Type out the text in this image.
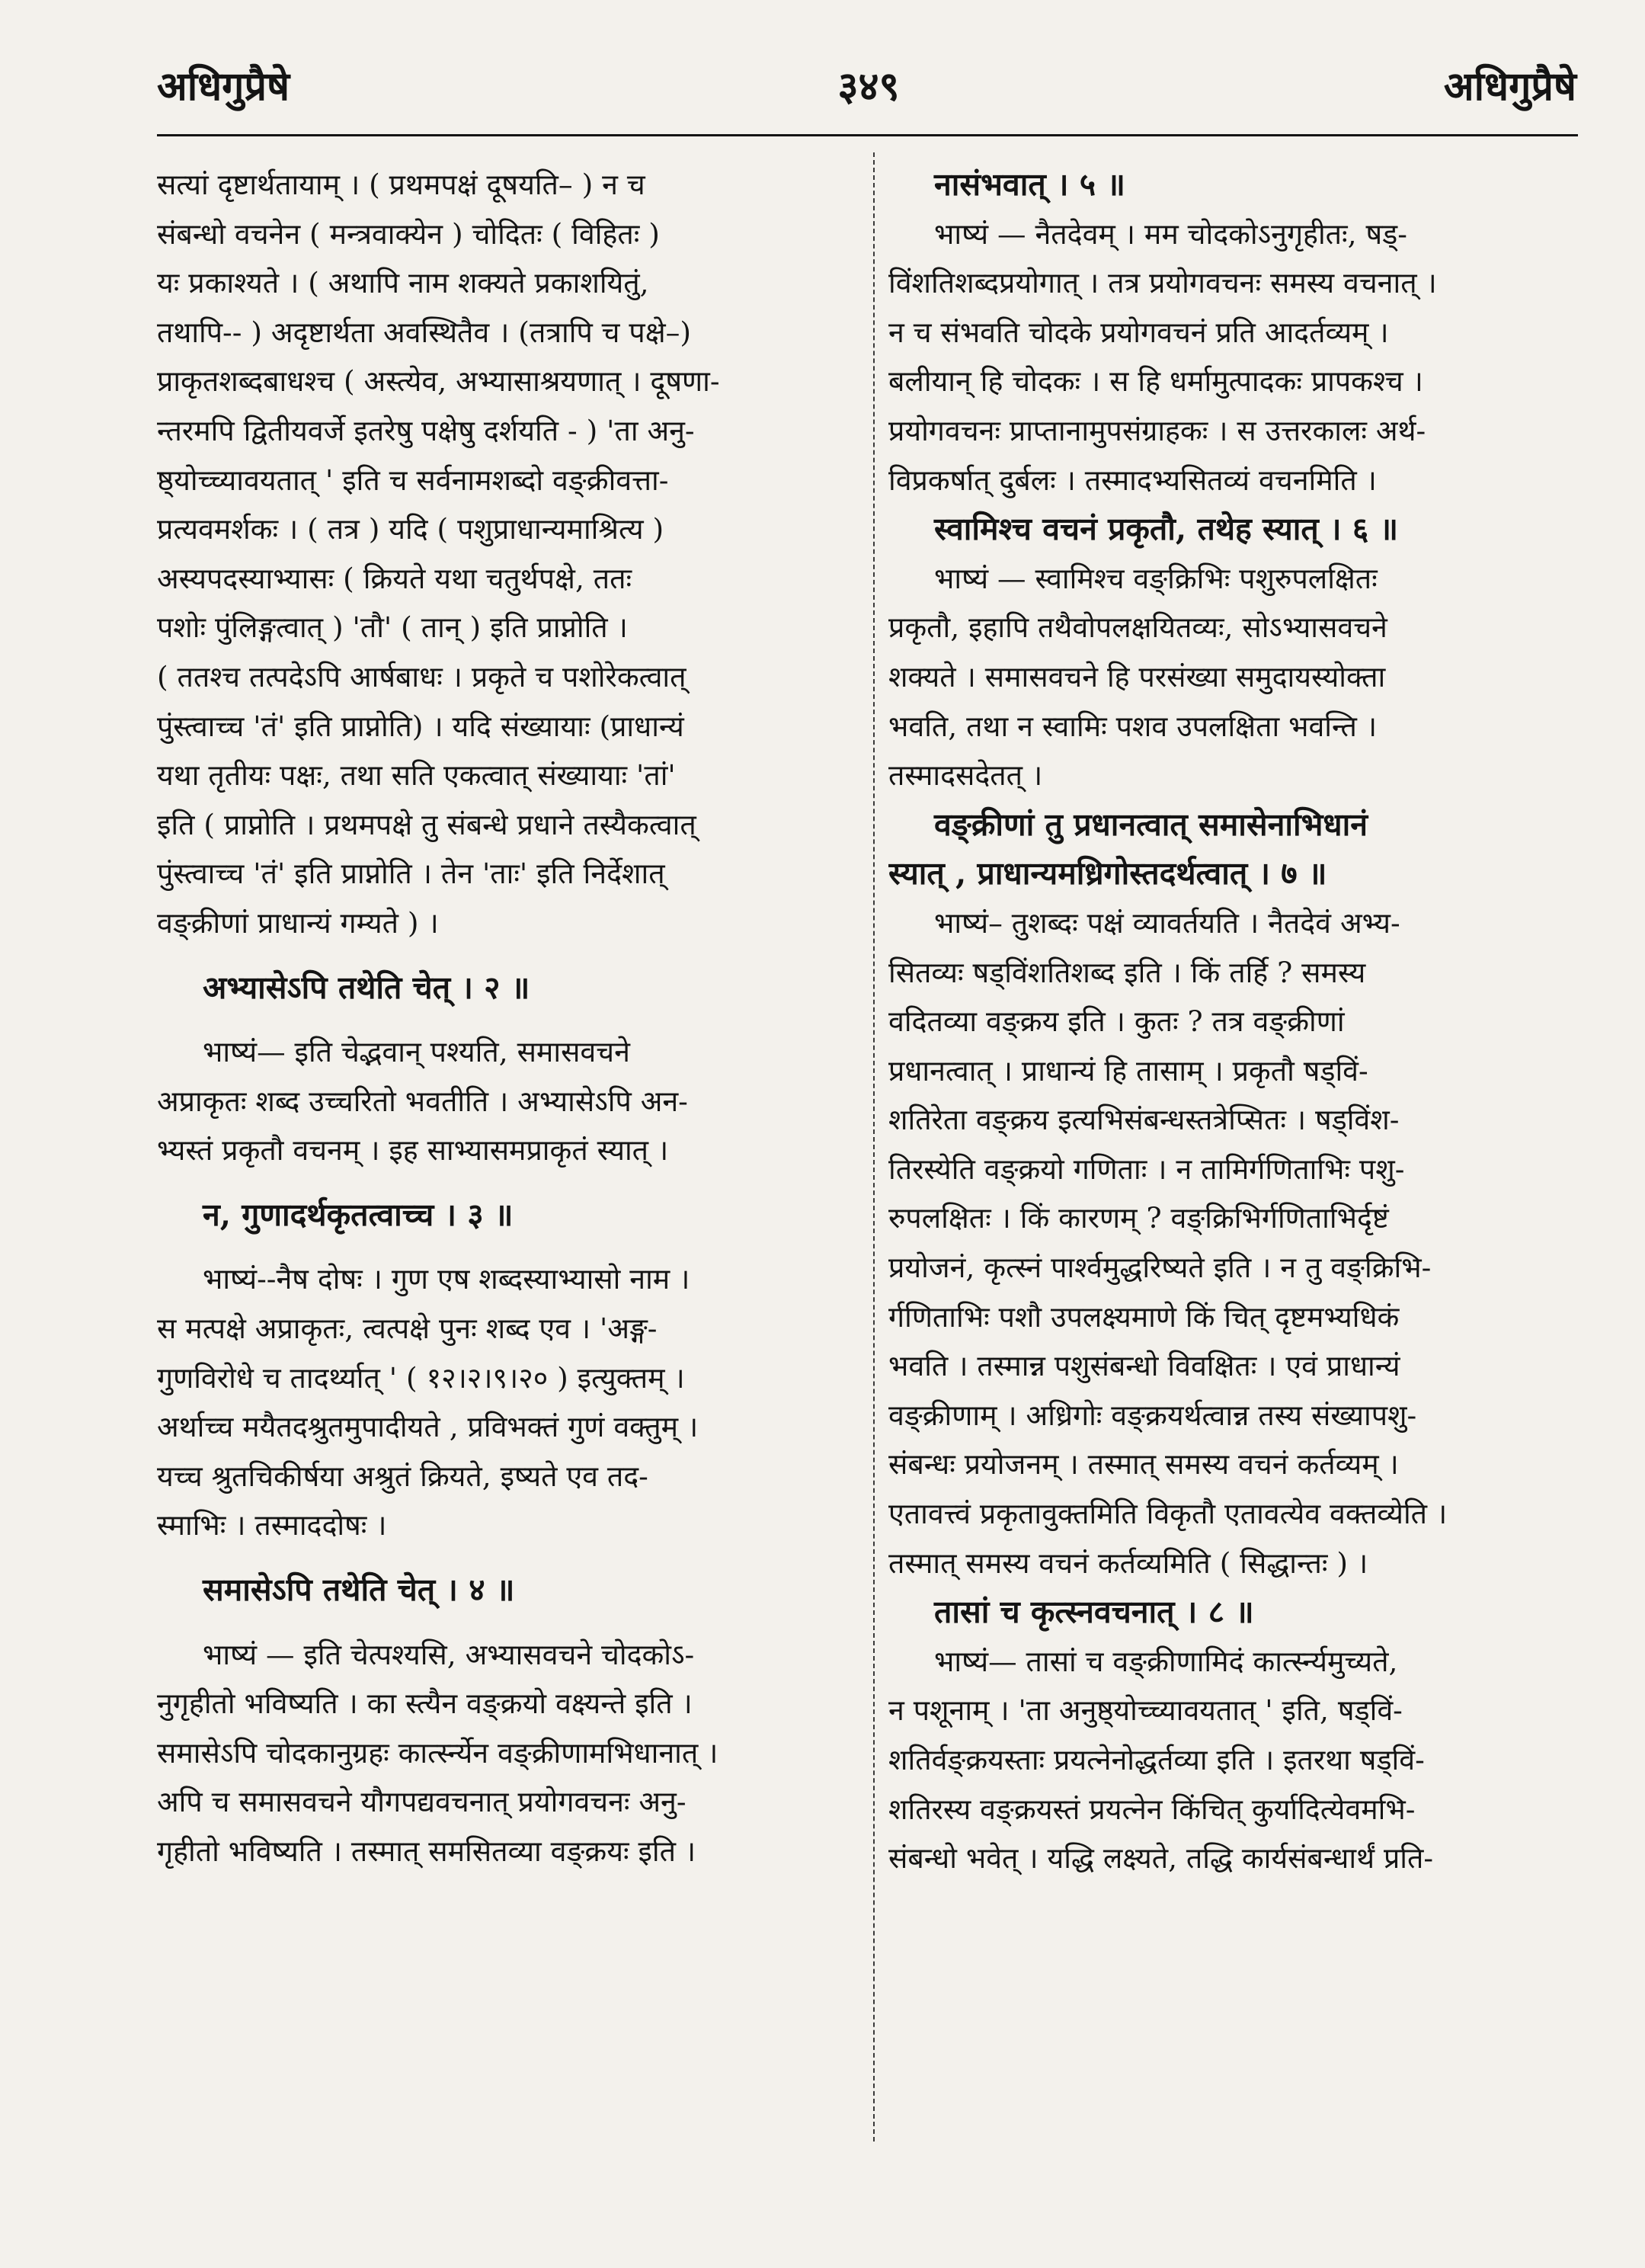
अधिगुप्रैषे	३४९	अधिगुप्रैषे
सत्यां दृष्टार्थतायाम् । ( प्रथमपक्षं दूषयति– ) न च
संबन्धो वचनेन ( मन्त्रवाक्येन ) चोदितः ( विहितः )
यः प्रकाश्यते । ( अथापि नाम शक्यते प्रकाशयितुं,
तथापि-- ) अदृष्टार्थता अवस्थितैव । (तत्रापि च पक्षे–)
प्राकृतशब्दबाधश्च ( अस्त्येव, अभ्यासाश्रयणात् । दूषणा-
न्तरमपि द्वितीयवर्जे इतरेषु पक्षेषु दर्शयति - ) 'ता अनु-
ष्ठ्योच्च्यावयतात् ' इति च सर्वनामशब्दो वङ्क्रीवत्ता-
प्रत्यवमर्शकः । ( तत्र ) यदि ( पशुप्राधान्यमाश्रित्य )
अस्यपदस्याभ्यासः ( क्रियते यथा चतुर्थपक्षे, ततः
पशोः पुंलिङ्गत्वात् ) 'तौ' ( तान् ) इति प्राप्नोति ।
( ततश्च तत्पदेऽपि आर्षबाधः । प्रकृते च पशोरेकत्वात्
पुंस्त्वाच्च 'तं' इति प्राप्नोति) । यदि संख्यायाः (प्राधान्यं
यथा तृतीयः पक्षः, तथा सति एकत्वात् संख्यायाः 'तां'
इति ( प्राप्नोति । प्रथमपक्षे तु संबन्धे प्रधाने तस्यैकत्वात्
पुंस्त्वाच्च 'तं' इति प्राप्नोति । तेन 'ताः' इति निर्देशात्
वङ्क्रीणां प्राधान्यं गम्यते ) ।
अभ्यासेऽपि तथेति चेत् । २ ॥
भाष्यं— इति चेद्भवान् पश्यति, समासवचने
अप्राकृतः शब्द उच्चरितो भवतीति । अभ्यासेऽपि अन-
भ्यस्तं प्रकृतौ वचनम् । इह साभ्यासमप्राकृतं स्यात् ।
न, गुणादर्थकृतत्वाच्च । ३ ॥
भाष्यं--नैष दोषः । गुण एष शब्दस्याभ्यासो नाम ।
स मत्पक्षे अप्राकृतः, त्वत्पक्षे पुनः शब्द एव । 'अङ्ग-
गुणविरोधे च तादर्थ्यात् ' ( १२।२।९।२० ) इत्युक्तम् ।
अर्थाच्च मयैतदश्रुतमुपादीयते , प्रविभक्तं गुणं वक्तुम् ।
यच्च श्रुतचिकीर्षया अश्रुतं क्रियते, इष्यते एव तद-
स्माभिः । तस्माददोषः ।
समासेऽपि तथेति चेत् । ४ ॥
भाष्यं — इति चेत्पश्यसि, अभ्यासवचने चोदकोऽ-
नुगृहीतो भविष्यति । का स्त्यैन वङ्क्रयो वक्ष्यन्ते इति ।
समासेऽपि चोदकानुग्रहः कार्त्स्न्येन वङ्क्रीणामभिधानात् ।
अपि च समासवचने यौगपद्यवचनात् प्रयोगवचनः अनु-
गृहीतो भविष्यति । तस्मात् समसितव्या वङ्क्रयः इति ।
नासंभवात् । ५ ॥
भाष्यं — नैतदेवम् । मम चोदकोऽनुगृहीतः, षड्-
विंशतिशब्दप्रयोगात् । तत्र प्रयोगवचनः समस्य वचनात् ।
न च संभवति चोदके प्रयोगवचनं प्रति आदर्तव्यम् ।
बलीयान् हि चोदकः । स हि धर्मामुत्पादकः प्रापकश्च ।
प्रयोगवचनः प्राप्तानामुपसंग्राहकः । स उत्तरकालः अर्थ-
विप्रकर्षात् दुर्बलः । तस्मादभ्यसितव्यं वचनमिति ।
स्वामिश्च वचनं प्रकृतौ, तथेह स्यात् । ६ ॥
भाष्यं — स्वामिश्च वङ्क्रिभिः पशुरुपलक्षितः
प्रकृतौ, इहापि तथैवोपलक्षयितव्यः, सोऽभ्यासवचने
शक्यते । समासवचने हि परसंख्या समुदायस्योक्ता
भवति, तथा न स्वामिः पशव उपलक्षिता भवन्ति ।
तस्मादसदेतत् ।
वङ्क्रीणां तु प्रधानत्वात् समासेनाभिधानं
स्यात् , प्राधान्यमध्रिगोस्तदर्थत्वात् । ७ ॥
भाष्यं– तुशब्दः पक्षं व्यावर्तयति । नैतदेवं अभ्य-
सितव्यः षड्विंशतिशब्द इति । किं तर्हि ? समस्य
वदितव्या वङ्क्रय इति । कुतः ? तत्र वङ्क्रीणां
प्रधानत्वात् । प्राधान्यं हि तासाम् । प्रकृतौ षड्विं-
शतिरेता वङ्क्रय इत्यभिसंबन्धस्तत्रेप्सितः । षड्विंश-
तिरस्येति वङ्क्रयो गणिताः । न तामिर्गणिताभिः पशु-
रुपलक्षितः । किं कारणम् ? वङ्क्रिभिर्गणिताभिर्दृष्टं
प्रयोजनं, कृत्स्नं पार्श्वमुद्धरिष्यते इति । न तु वङ्क्रिभि-
र्गणिताभिः पशौ उपलक्ष्यमाणे किं चित् दृष्टमभ्यधिकं
भवति । तस्मान्न पशुसंबन्धो विवक्षितः । एवं प्राधान्यं
वङ्क्रीणाम् । अध्रिगोः वङ्क्रयर्थत्वान्न तस्य संख्यापशु-
संबन्धः प्रयोजनम् । तस्मात् समस्य वचनं कर्तव्यम् ।
एतावत्त्वं प्रकृतावुक्तमिति विकृतौ एतावत्येव वक्तव्येति ।
तस्मात् समस्य वचनं कर्तव्यमिति ( सिद्धान्तः ) ।
तासां च कृत्स्नवचनात् । ८ ॥
भाष्यं— तासां च वङ्क्रीणामिदं कार्त्स्न्यमुच्यते,
न पशूनाम् । 'ता अनुष्ठ्योच्च्यावयतात् ' इति, षड्विं-
शतिर्वङ्क्रयस्ताः प्रयत्नेनोद्धर्तव्या इति । इतरथा षड्विं-
शतिरस्य वङ्क्रयस्तं प्रयत्नेन किंचित् कुर्यादित्येवमभि-
संबन्धो भवेत् । यद्धि लक्ष्यते, तद्धि कार्यसंबन्धार्थं प्रति-
